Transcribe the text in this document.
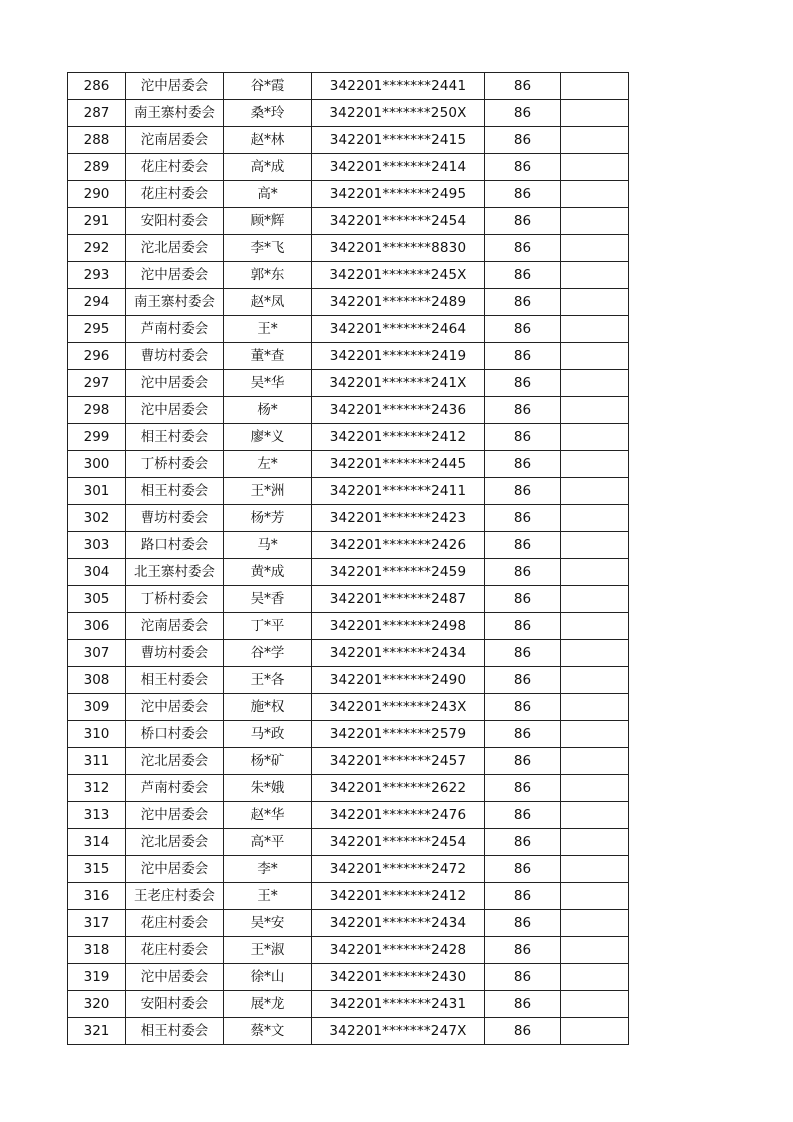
286	沱中居委会	谷*霞	342201*******2441	86	
287	南王寨村委会	桑*玲	342201*******250X	86	
288	沱南居委会	赵*林	342201*******2415	86	
289	花庄村委会	高*成	342201*******2414	86	
290	花庄村委会	高*	342201*******2495	86	
291	安阳村委会	顾*辉	342201*******2454	86	
292	沱北居委会	李*飞	342201*******8830	86	
293	沱中居委会	郭*东	342201*******245X	86	
294	南王寨村委会	赵*凤	342201*******2489	86	
295	芦南村委会	王*	342201*******2464	86	
296	曹坊村委会	董*查	342201*******2419	86	
297	沱中居委会	吴*华	342201*******241X	86	
298	沱中居委会	杨*	342201*******2436	86	
299	相王村委会	廖*义	342201*******2412	86	
300	丁桥村委会	左*	342201*******2445	86	
301	相王村委会	王*洲	342201*******2411	86	
302	曹坊村委会	杨*芳	342201*******2423	86	
303	路口村委会	马*	342201*******2426	86	
304	北王寨村委会	黄*成	342201*******2459	86	
305	丁桥村委会	吴*香	342201*******2487	86	
306	沱南居委会	丁*平	342201*******2498	86	
307	曹坊村委会	谷*学	342201*******2434	86	
308	相王村委会	王*各	342201*******2490	86	
309	沱中居委会	施*权	342201*******243X	86	
310	桥口村委会	马*政	342201*******2579	86	
311	沱北居委会	杨*矿	342201*******2457	86	
312	芦南村委会	朱*娥	342201*******2622	86	
313	沱中居委会	赵*华	342201*******2476	86	
314	沱北居委会	高*平	342201*******2454	86	
315	沱中居委会	李*	342201*******2472	86	
316	王老庄村委会	王*	342201*******2412	86	
317	花庄村委会	吴*安	342201*******2434	86	
318	花庄村委会	王*淑	342201*******2428	86	
319	沱中居委会	徐*山	342201*******2430	86	
320	安阳村委会	展*龙	342201*******2431	86	
321	相王村委会	蔡*文	342201*******247X	86	
